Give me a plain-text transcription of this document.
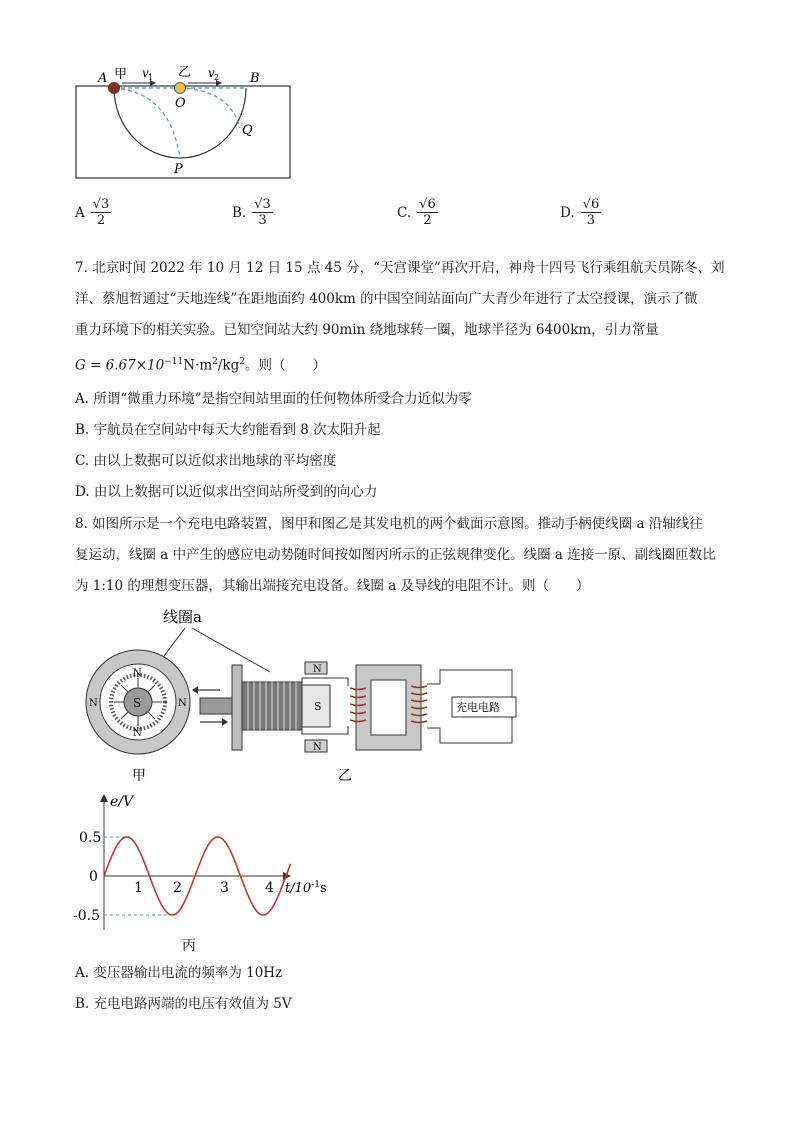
A 甲 v 1 乙 v 2 B
O
Q
P
A $\frac{√3}{2}$	B. $\frac{√3}{3}$	C. $\frac{√6}{2}$	D. $\frac{√6}{3}$
7. 北京时间 2022 年 10 月 12 日 15 点 45 分，“天宫课堂”再次开启，神舟十四号飞行乘组航天员陈冬、刘
洋、蔡旭哲通过“天地连线”在距地面约 400km 的中国空间站面向广大青少年进行了太空授课，演示了微
重力环境下的相关实验。已知空间站大约 90min 绕地球转一圈，地球半径为 6400km，引力常量
$G = 6.67\times 10^{-11}N\cdot m^2/kg^2$。则（　　）
A. 所谓“微重力环境”是指空间站里面的任何物体所受合力近似为零
B. 宇航员在空间站中每天大约能看到 8 次太阳升起
C. 由以上数据可以近似求出地球的平均密度
D. 由以上数据可以近似求出空间站所受到的向心力
8. 如图所示是一个充电电路装置，图甲和图乙是其发电机的两个截面示意图。推动手柄使线圈 a 沿轴线往
复运动，线圈 a 中产生的感应电动势随时间按如图丙所示的正弦规律变化。线圈 a 连接一原、副线圈匝数比
为 1:10 的理想变压器，其输出端接充电设备。线圈 a 及导线的电阻不计。则（　　）
线圈a
S
N
N
N	N
N
S
N
充电电路
甲	乙
e/V
$t/10^{-1}s$
0.5
0
-0.5
1 2	3	4
丙
A. 变压器输出电流的频率为 10Hz
B. 充电电路两端的电压有效值为 5V
